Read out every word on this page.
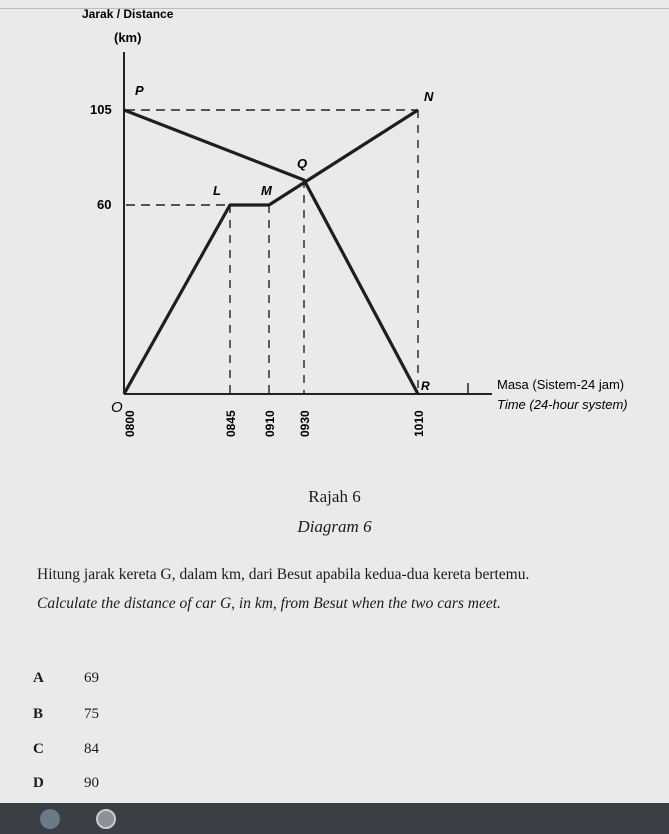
P	N
Q
L	M
R
Jarak / Distance
(km)
105
60
O
0800	0845 0910 0930	1010
Masa (Sistem-24 jam)
Time (24-hour system)
Rajah 6
Diagram 6
Hitung jarak kereta G, dalam km, dari Besut apabila kedua-dua kereta bertemu.
Calculate the distance of car G, in km, from Besut when the two cars meet.
A	69
B	75
C	84
D	90
